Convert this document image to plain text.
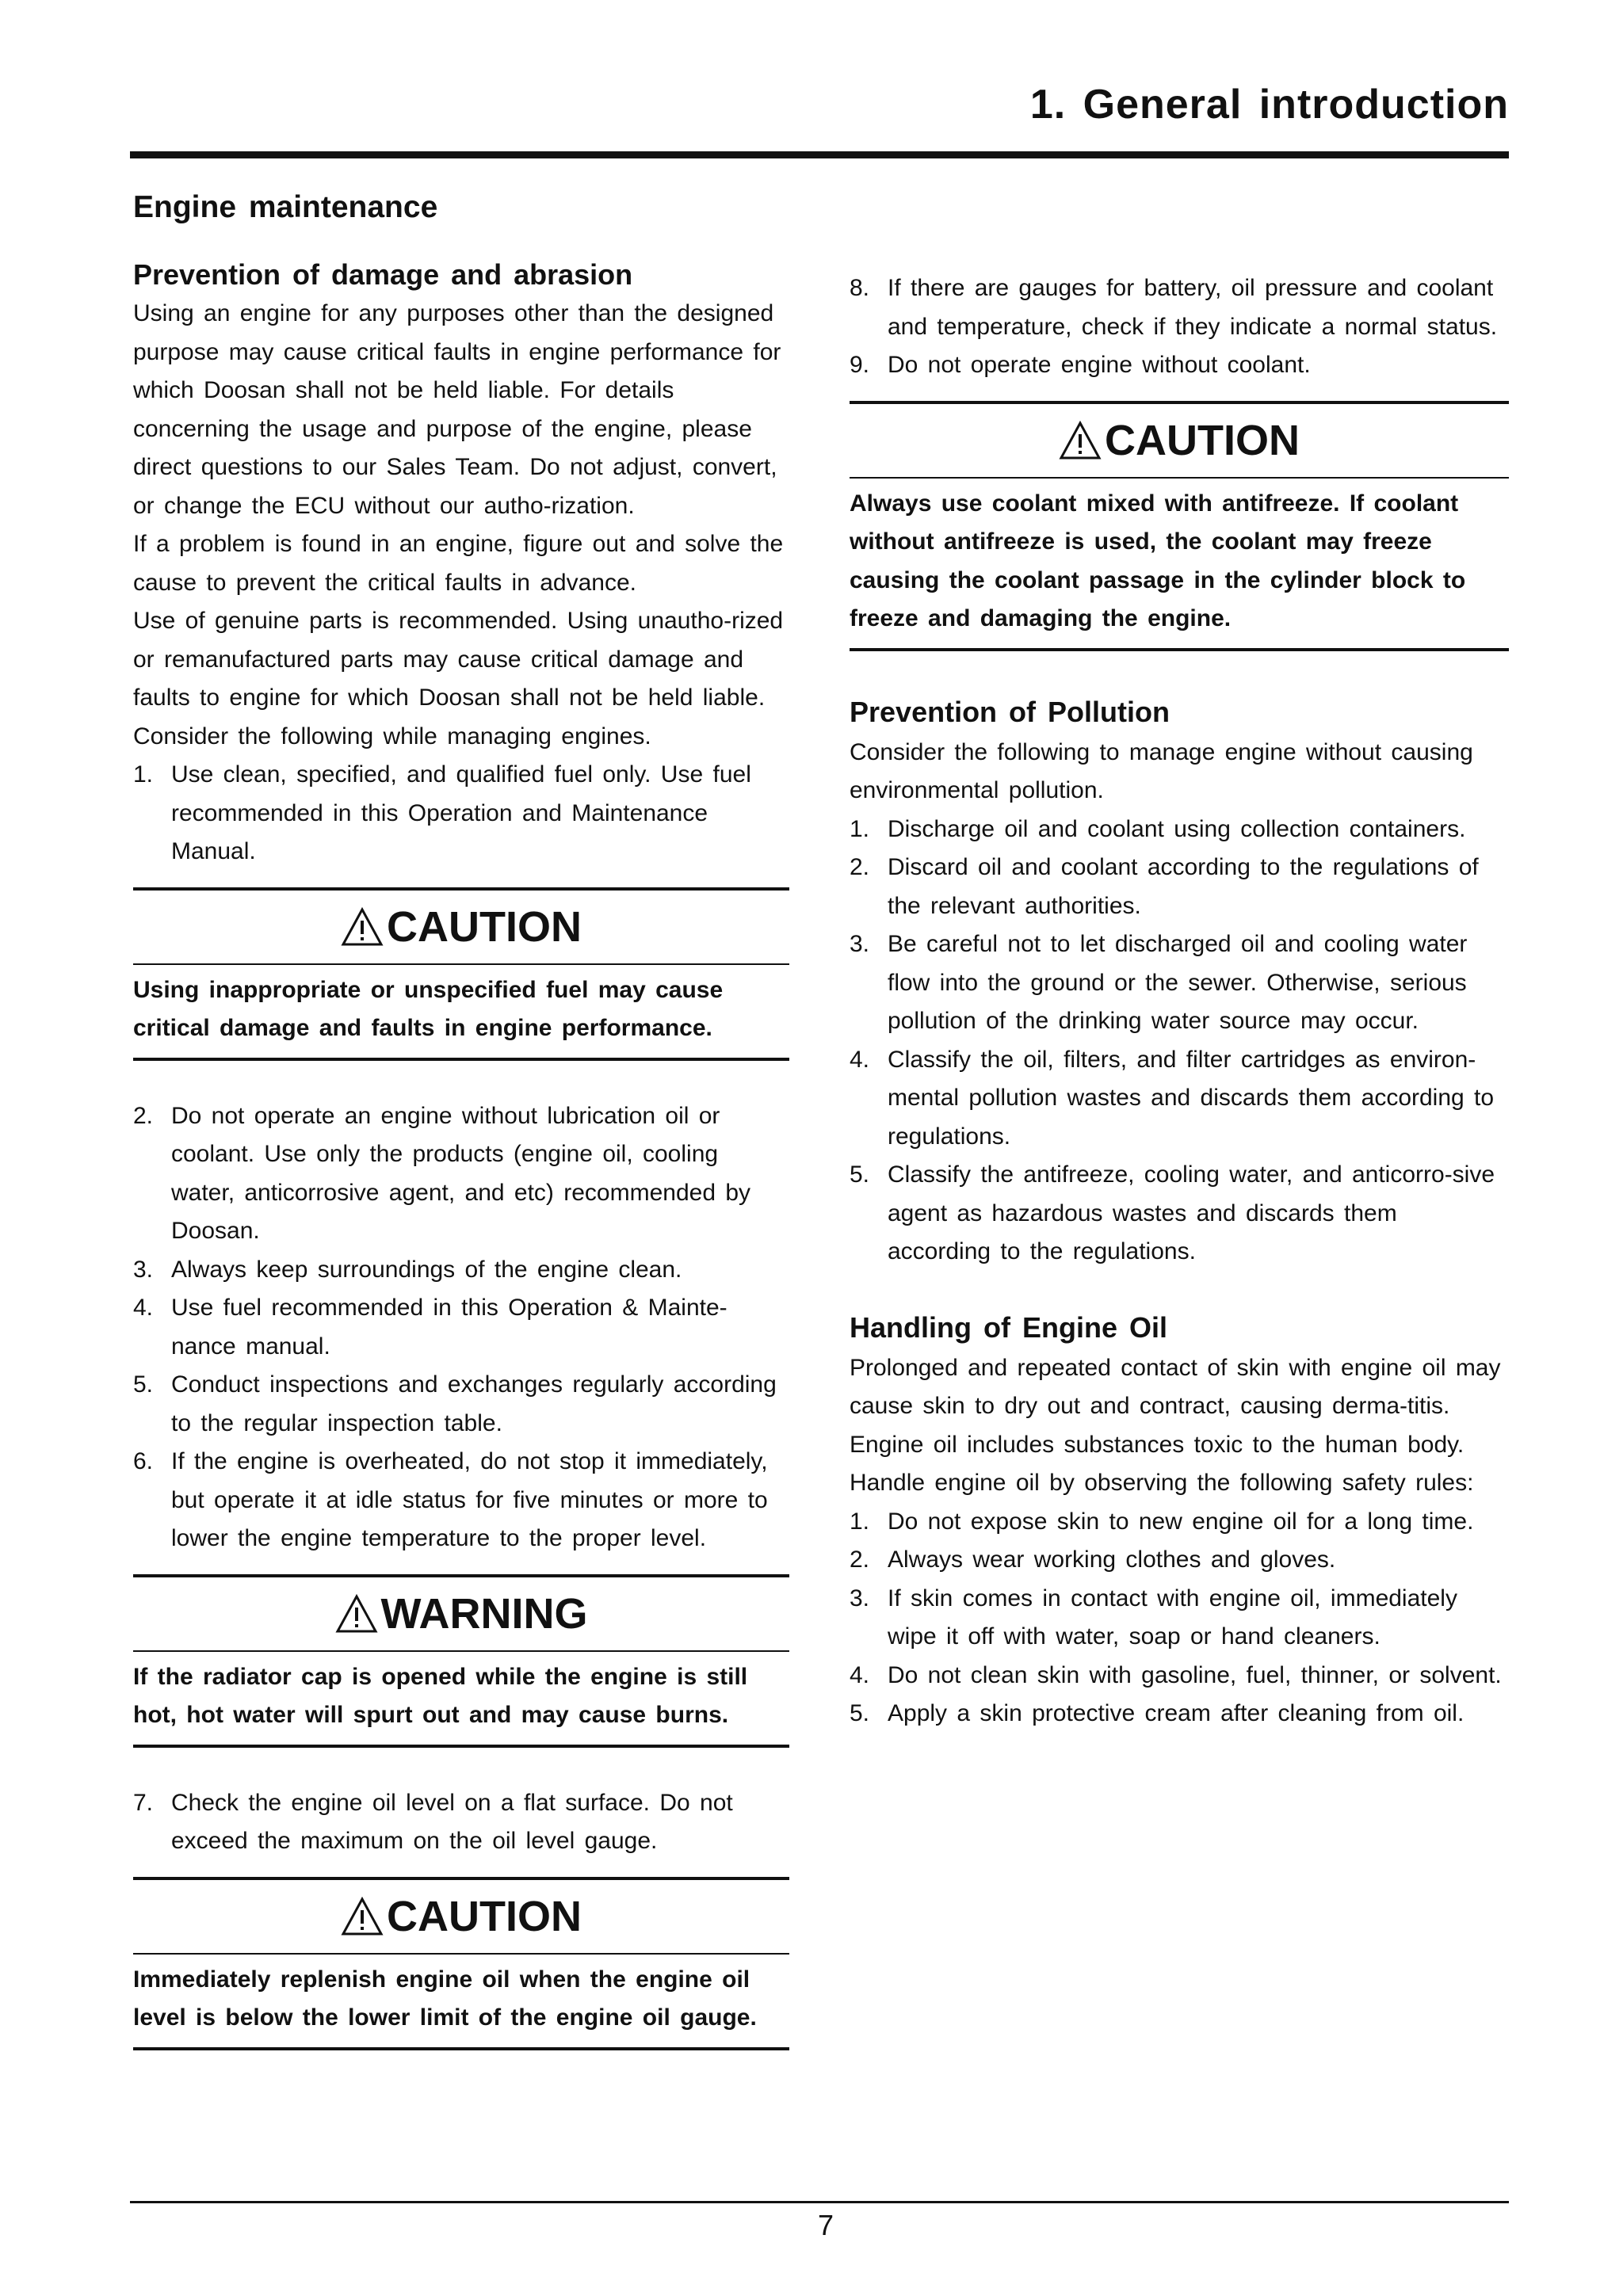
1. General introduction
Engine maintenance
Prevention of damage and abrasion

Using an engine for any purposes other than the designed purpose may cause critical faults in engine performance for which Doosan shall not be held liable. For details concerning the usage and purpose of the engine, please direct questions to our Sales Team. Do not adjust, convert, or change the ECU without our autho-rization.

If a problem is found in an engine, figure out and solve the cause to prevent the critical faults in advance.

Use of genuine parts is recommended. Using unautho-rized or remanufactured parts may cause critical damage and faults to engine for which Doosan shall not be held liable.

Consider the following while managing engines.

1. Use clean, specified, and qualified fuel only. Use fuel recommended in this Operation and Maintenance Manual.
CAUTION

Using inappropriate or unspecified fuel may cause critical damage and faults in engine performance.

2. Do not operate an engine without lubrication oil or coolant. Use only the products (engine oil, cooling water, anticorrosive agent, and etc) recommended by Doosan.
3. Always keep surroundings of the engine clean.
4. Use fuel recommended in this Operation & Mainte-nance manual.
5. Conduct inspections and exchanges regularly according to the regular inspection table.
6. If the engine is overheated, do not stop it immediately, but operate it at idle status for five minutes or more to lower the engine temperature to the proper level.
WARNING

If the radiator cap is opened while the engine is still hot, hot water will spurt out and may cause burns.

7. Check the engine oil level on a flat surface. Do not exceed the maximum on the oil level gauge.
CAUTION

Immediately replenish engine oil when the engine oil level is below the lower limit of the engine oil gauge.

8. If there are gauges for battery, oil pressure and coolant and temperature, check if they indicate a normal status.
9. Do not operate engine without coolant.
CAUTION

Always use coolant mixed with antifreeze. If coolant without antifreeze is used, the coolant may freeze causing the coolant passage in the cylinder block to freeze and damaging the engine.

Prevention of Pollution

Consider the following to manage engine without causing environmental pollution.

1. Discharge oil and coolant using collection containers.
2. Discard oil and coolant according to the regulations of the relevant authorities.
3. Be careful not to let discharged oil and cooling water flow into the ground or the sewer. Otherwise, serious pollution of the drinking water source may occur.
4. Classify the oil, filters, and filter cartridges as environ-mental pollution wastes and discards them according to regulations.
5. Classify the antifreeze, cooling water, and anticorro-sive agent as hazardous wastes and discards them according to the regulations.
Handling of Engine Oil

Prolonged and repeated contact of skin with engine oil may cause skin to dry out and contract, causing derma-titis. Engine oil includes substances toxic to the human body. Handle engine oil by observing the following safety rules:

1. Do not expose skin to new engine oil for a long time.
2. Always wear working clothes and gloves.
3. If skin comes in contact with engine oil, immediately wipe it off with water, soap or hand cleaners.
4. Do not clean skin with gasoline, fuel, thinner, or solvent.
5. Apply a skin protective cream after cleaning from oil.
7
